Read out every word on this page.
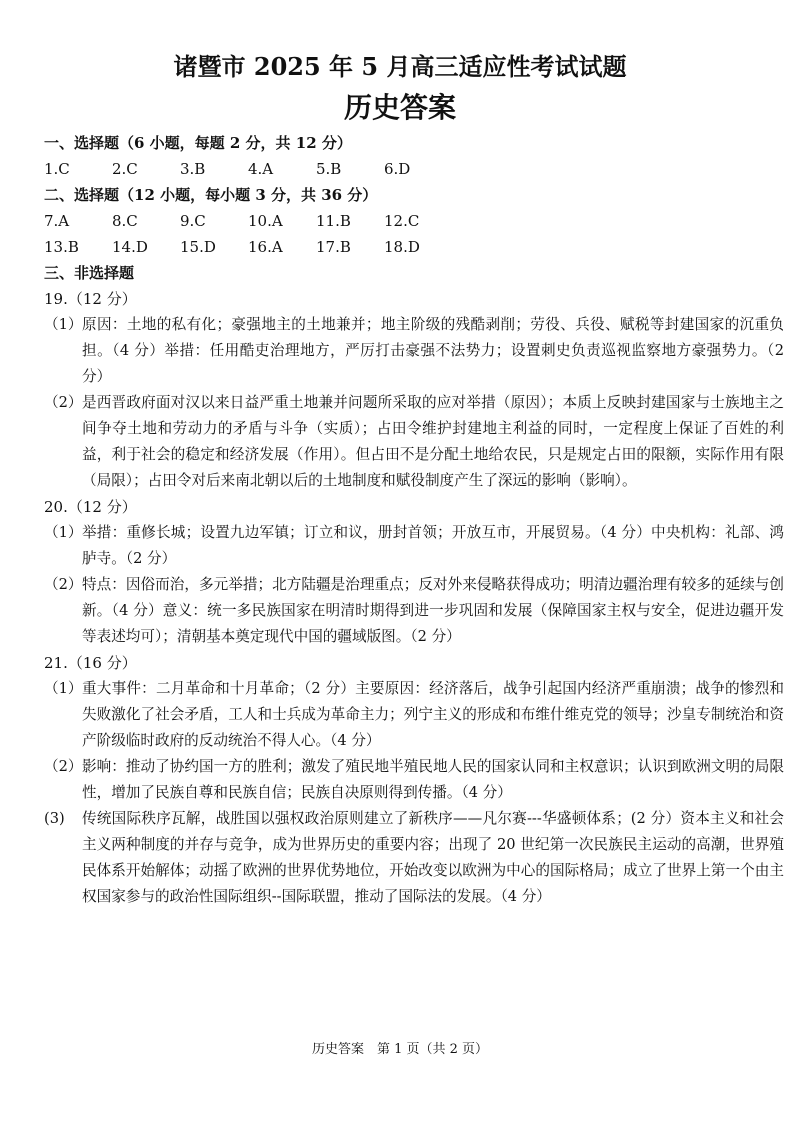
诸暨市 2025 年 5 月高三适应性考试试题
历史答案
一、选择题（6 小题，每题 2 分，共 12 分）
1.C	2.C	3.B	4.A	5.B	6.D
二、选择题（12 小题，每小题 3 分，共 36 分）
7.A	8.C	9.C	10.A	11.B	12.C
13.B	14.D	15.D	16.A	17.B	18.D
三、非选择题
19.（12 分）
（1） 原因：土地的私有化；豪强地主的土地兼并；地主阶级的残酷剥削；劳役、兵役、赋税等封建国家的沉重负担。（4 分）举措：任用酷吏治理地方，严厉打击豪强不法势力；设置刺史负责巡视监察地方豪强势力。（2 分）
（2） 是西晋政府面对汉以来日益严重土地兼并问题所采取的应对举措（原因）；本质上反映封建国家与士族地主之间争夺土地和劳动力的矛盾与斗争（实质）；占田令维护封建地主利益的同时，一定程度上保证了百姓的利益，利于社会的稳定和经济发展（作用）。但占田不是分配土地给农民，只是规定占田的限额，实际作用有限（局限）；占田令对后来南北朝以后的土地制度和赋役制度产生了深远的影响（影响）。
20.（12 分）
（1） 举措：重修长城；设置九边军镇；订立和议，册封首领；开放互市，开展贸易。（4 分）中央机构：礼部、鸿胪寺。（2 分）
（2） 特点：因俗而治，多元举措；北方陆疆是治理重点；反对外来侵略获得成功；明清边疆治理有较多的延续与创新。（4 分）意义：统一多民族国家在明清时期得到进一步巩固和发展（保障国家主权与安全，促进边疆开发等表述均可）；清朝基本奠定现代中国的疆域版图。（2 分）
21.（16 分）
（1） 重大事件：二月革命和十月革命；（2 分）主要原因：经济落后，战争引起国内经济严重崩溃；战争的惨烈和失败激化了社会矛盾，工人和士兵成为革命主力；列宁主义的形成和布维什维克党的领导；沙皇专制统治和资产阶级临时政府的反动统治不得人心。（4 分）
（2） 影响：推动了协约国一方的胜利；激发了殖民地半殖民地人民的国家认同和主权意识；认识到欧洲文明的局限性，增加了民族自尊和民族自信；民族自决原则得到传播。（4 分）
(3) 传统国际秩序瓦解，战胜国以强权政治原则建立了新秩序——凡尔赛---华盛顿体系；(2 分）资本主义和社会主义两种制度的并存与竞争，成为世界历史的重要内容；出现了 20 世纪第一次民族民主运动的高潮，世界殖民体系开始解体；动摇了欧洲的世界优势地位，开始改变以欧洲为中心的国际格局；成立了世界上第一个由主权国家参与的政治性国际组织--国际联盟，推动了国际法的发展。（4 分）
历史答案　第 1 页（共 2 页）
